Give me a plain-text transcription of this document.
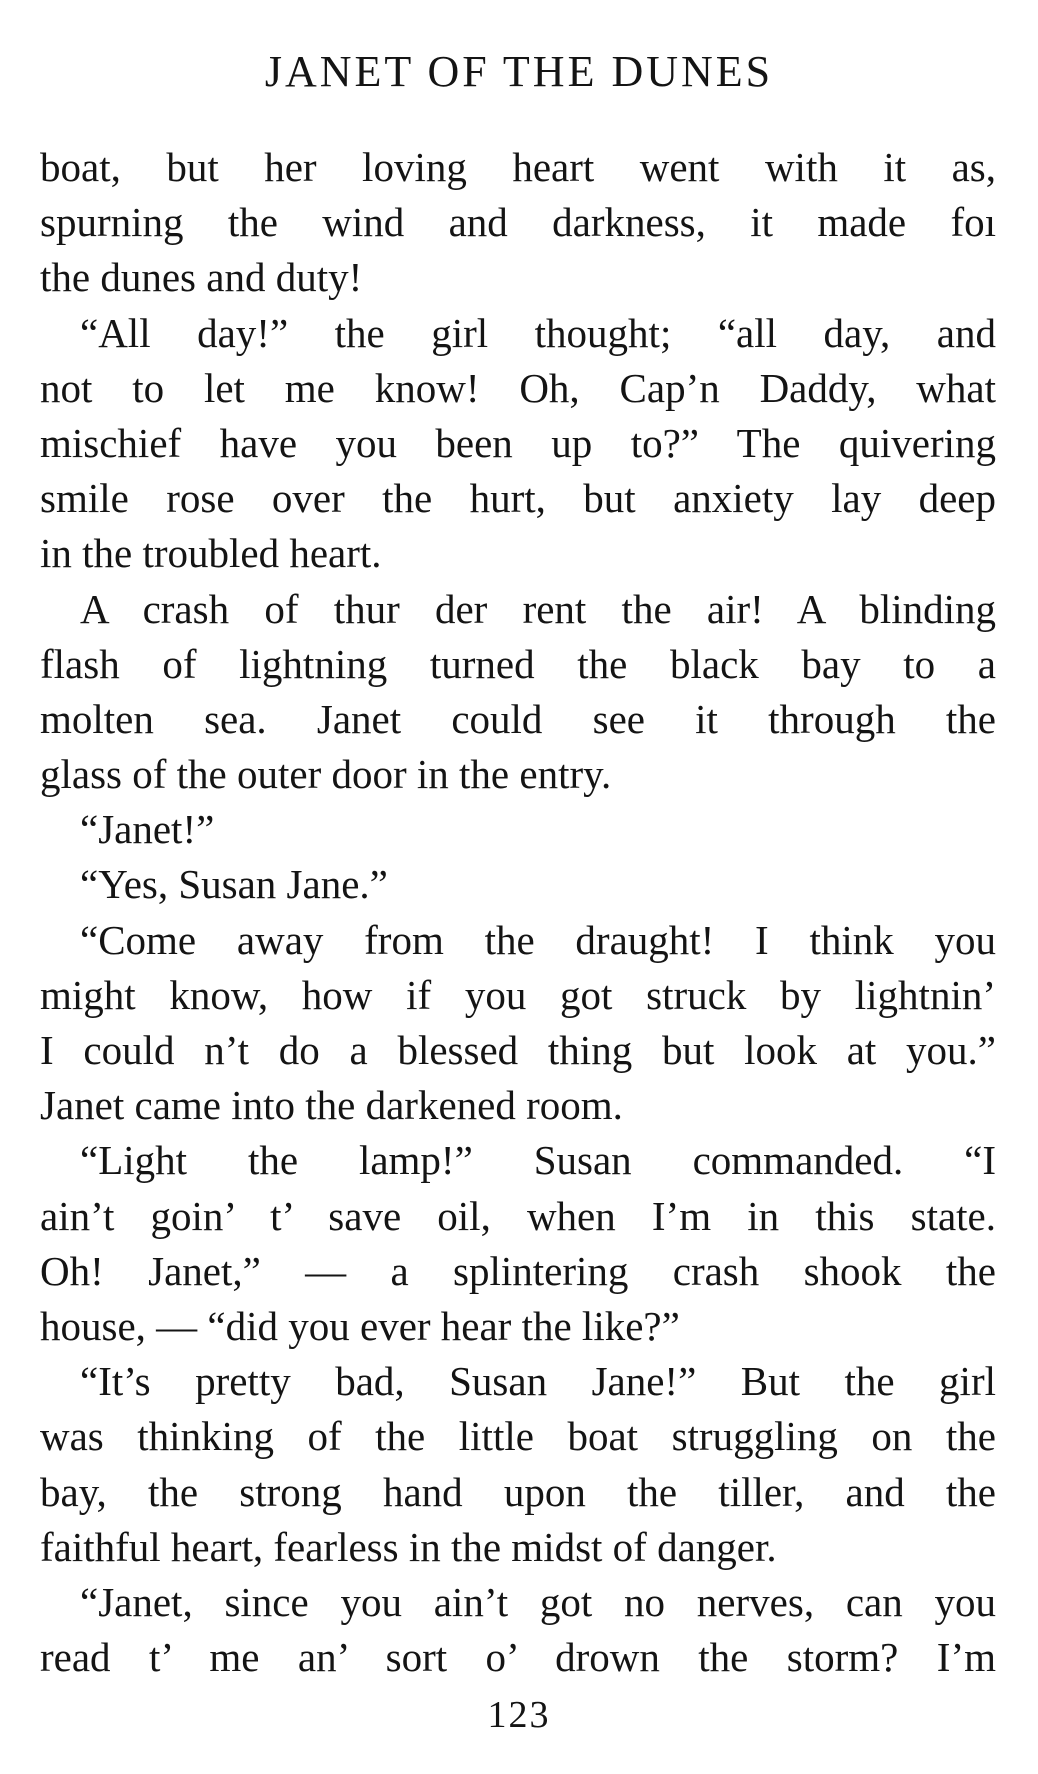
JANET OF THE DUNES
boat, but her loving heart went with it as,
spurning the wind and darkness, it made foı
the dunes and duty!
“All day!” the girl thought; “all day, and
not to let me know! Oh, Cap’n Daddy, what
mischief have you been up to?” The quivering
smile rose over the hurt, but anxiety lay deep
in the troubled heart.
A crash of thur der rent the air! A blinding
flash of lightning turned the black bay to a
molten sea. Janet could see it through the
glass of the outer door in the entry.
“Janet!”
“Yes, Susan Jane.”
“Come away from the draught! I think you
might know, how if you got struck by lightnin’
I could n’t do a blessed thing but look at you.”
Janet came into the darkened room.
“Light the lamp!” Susan commanded. “I
ain’t goin’ t’ save oil, when I’m in this state.
Oh! Janet,” — a splintering crash shook the
house, — “did you ever hear the like?”
“It’s pretty bad, Susan Jane!” But the girl
was thinking of the little boat struggling on the
bay, the strong hand upon the tiller, and the
faithful heart, fearless in the midst of danger.
“Janet, since you ain’t got no nerves, can you
read t’ me an’ sort o’ drown the storm? I’m
123
